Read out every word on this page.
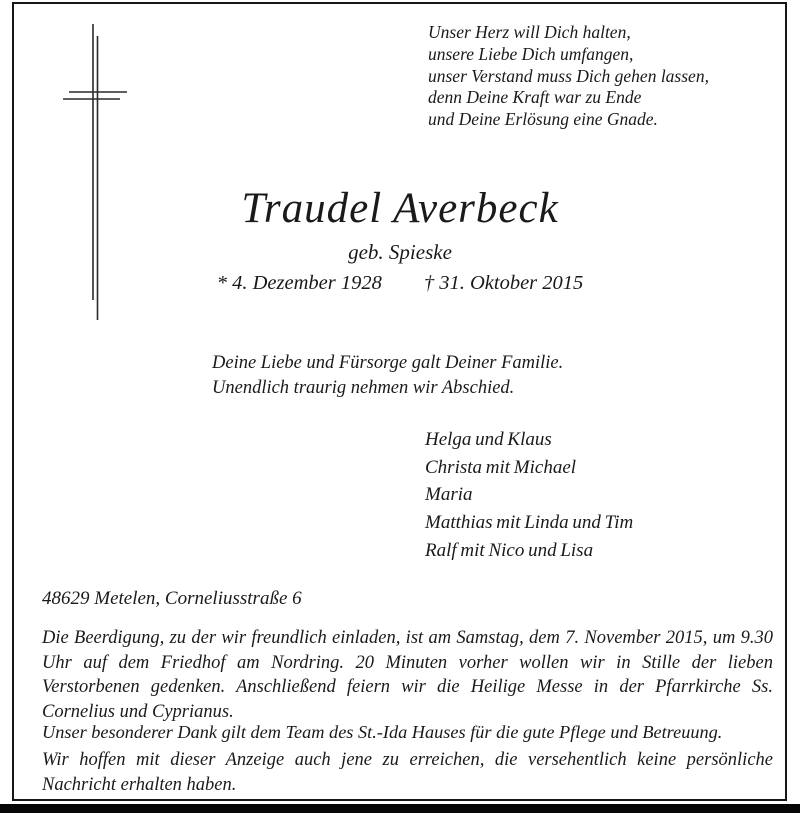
Unser Herz will Dich halten,
unsere Liebe Dich umfangen,
unser Verstand muss Dich gehen lassen,
denn Deine Kraft war zu Ende
und Deine Erlösung eine Gnade.
Traudel Averbeck
geb. Spieske
* 4. Dezember 1928 † 31. Oktober 2015
Deine Liebe und Fürsorge galt Deiner Familie.
Unendlich traurig nehmen wir Abschied.
Helga und Klaus
Christa mit Michael
Maria
Matthias mit Linda und Tim
Ralf mit Nico und Lisa
48629 Metelen, Corneliusstraße 6
Die Beerdigung, zu der wir freundlich einladen, ist am Samstag, dem 7. November 2015, um 9.30 Uhr auf dem Friedhof am Nordring. 20 Minuten vorher wollen wir in Stille der lieben Verstorbenen gedenken. Anschließend feiern wir die Heilige Messe in der Pfarrkirche Ss. Cornelius und Cyprianus.
Unser besonderer Dank gilt dem Team des St.-Ida Hauses für die gute Pflege und Betreuung.
Wir hoffen mit dieser Anzeige auch jene zu erreichen, die versehentlich keine persönliche Nachricht erhalten haben.
